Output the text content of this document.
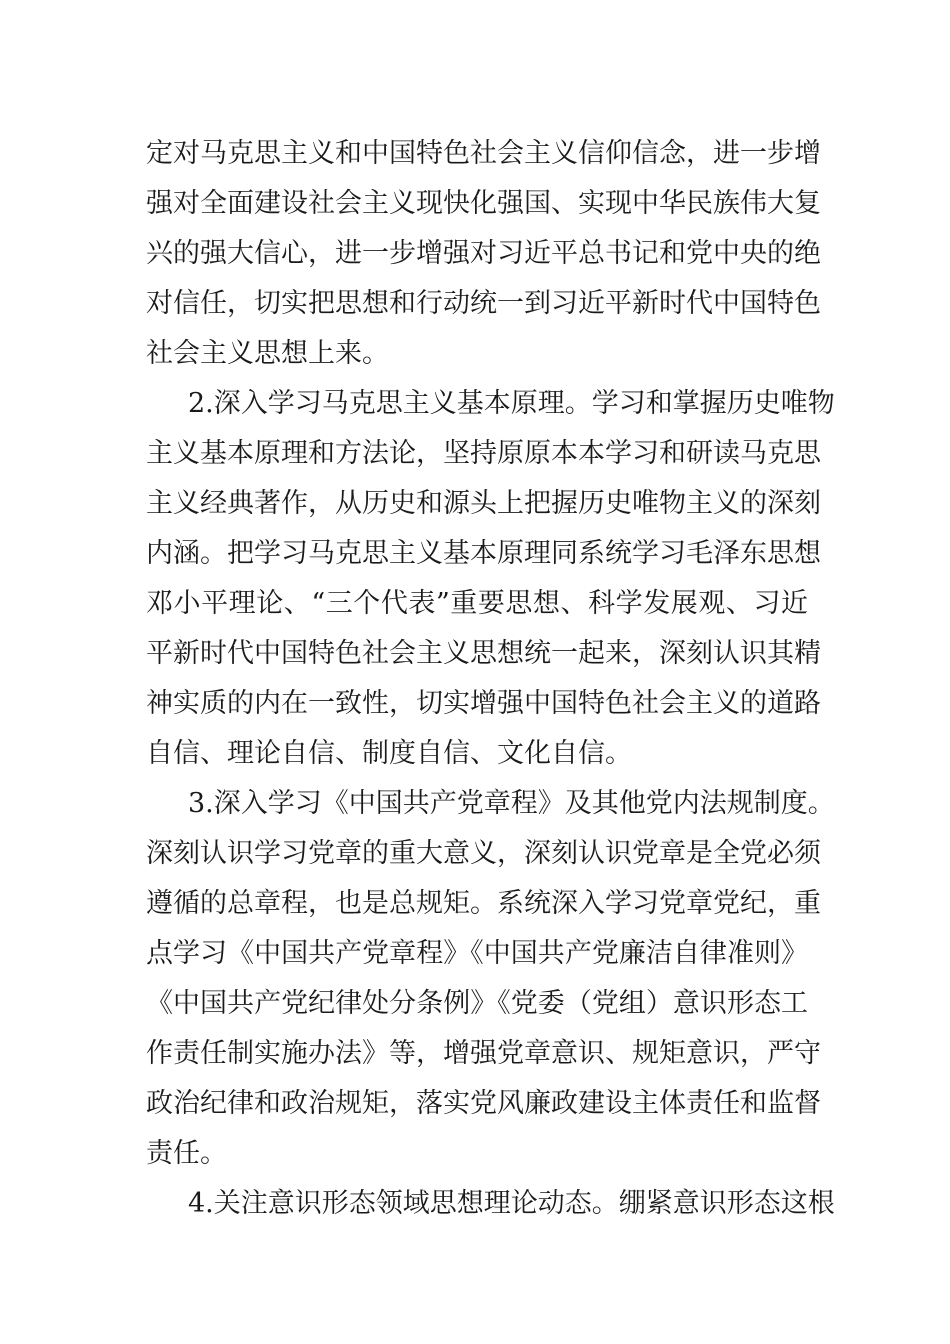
定对马克思主义和中国特色社会主义信仰信念，进一步增
强对全面建设社会主义现快化强国、实现中华民族伟大复
兴的强大信心，进一步增强对习近平总书记和党中央的绝
对信任，切实把思想和行动统一到习近平新时代中国特色
社会主义思想上来。
2.深入学习马克思主义基本原理。学习和掌握历史唯物
主义基本原理和方法论，坚持原原本本学习和研读马克思
主义经典著作，从历史和源头上把握历史唯物主义的深刻
内涵。把学习马克思主义基本原理同系统学习毛泽东思想
邓小平理论、“三个代表”重要思想、科学发展观、习近
平新时代中国特色社会主义思想统一起来，深刻认识其精
神实质的内在一致性，切实增强中国特色社会主义的道路
自信、理论自信、制度自信、文化自信。
3.深入学习《中国共产党章程》及其他党内法规制度。
深刻认识学习党章的重大意义，深刻认识党章是全党必须
遵循的总章程，也是总规矩。系统深入学习党章党纪，重
点学习《中国共产党章程》《中国共产党廉洁自律准则》
《中国共产党纪律处分条例》《党委（党组）意识形态工
作责任制实施办法》等，增强党章意识、规矩意识，严守
政治纪律和政治规矩，落实党风廉政建设主体责任和监督
责任。
4.关注意识形态领域思想理论动态。绷紧意识形态这根
